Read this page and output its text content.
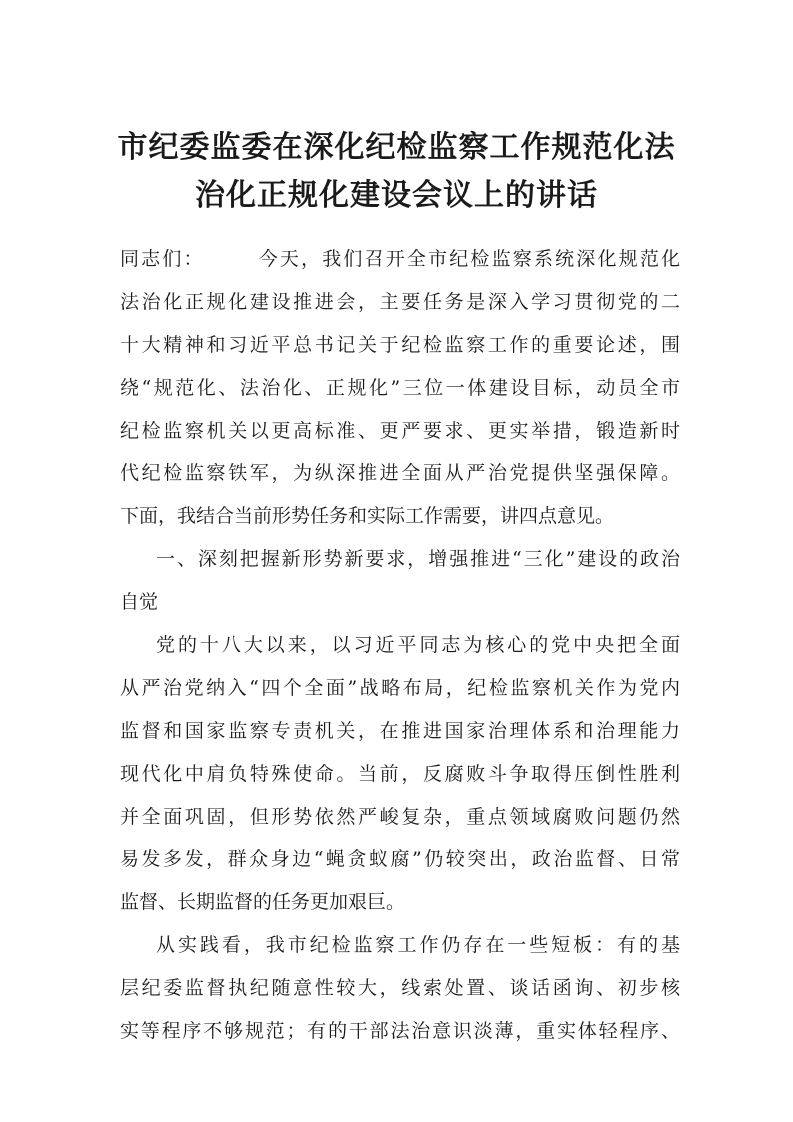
市纪委监委在深化纪检监察工作规范化法
治化正规化建设会议上的讲话
同志们：　　　今天，我们召开全市纪检监察系统深化规范化
法治化正规化建设推进会，主要任务是深入学习贯彻党的二
十大精神和习近平总书记关于纪检监察工作的重要论述，围
绕“规范化、法治化、正规化”三位一体建设目标，动员全市
纪检监察机关以更高标准、更严要求、更实举措，锻造新时
代纪检监察铁军，为纵深推进全面从严治党提供坚强保障。
下面，我结合当前形势任务和实际工作需要，讲四点意见。
一、深刻把握新形势新要求，增强推进“三化”建设的政治
自觉
党的十八大以来，以习近平同志为核心的党中央把全面
从严治党纳入“四个全面”战略布局，纪检监察机关作为党内
监督和国家监察专责机关，在推进国家治理体系和治理能力
现代化中肩负特殊使命。当前，反腐败斗争取得压倒性胜利
并全面巩固，但形势依然严峻复杂，重点领域腐败问题仍然
易发多发，群众身边“蝇贪蚁腐”仍较突出，政治监督、日常
监督、长期监督的任务更加艰巨。
从实践看，我市纪检监察工作仍存在一些短板：有的基
层纪委监督执纪随意性较大，线索处置、谈话函询、初步核
实等程序不够规范；有的干部法治意识淡薄，重实体轻程序、
